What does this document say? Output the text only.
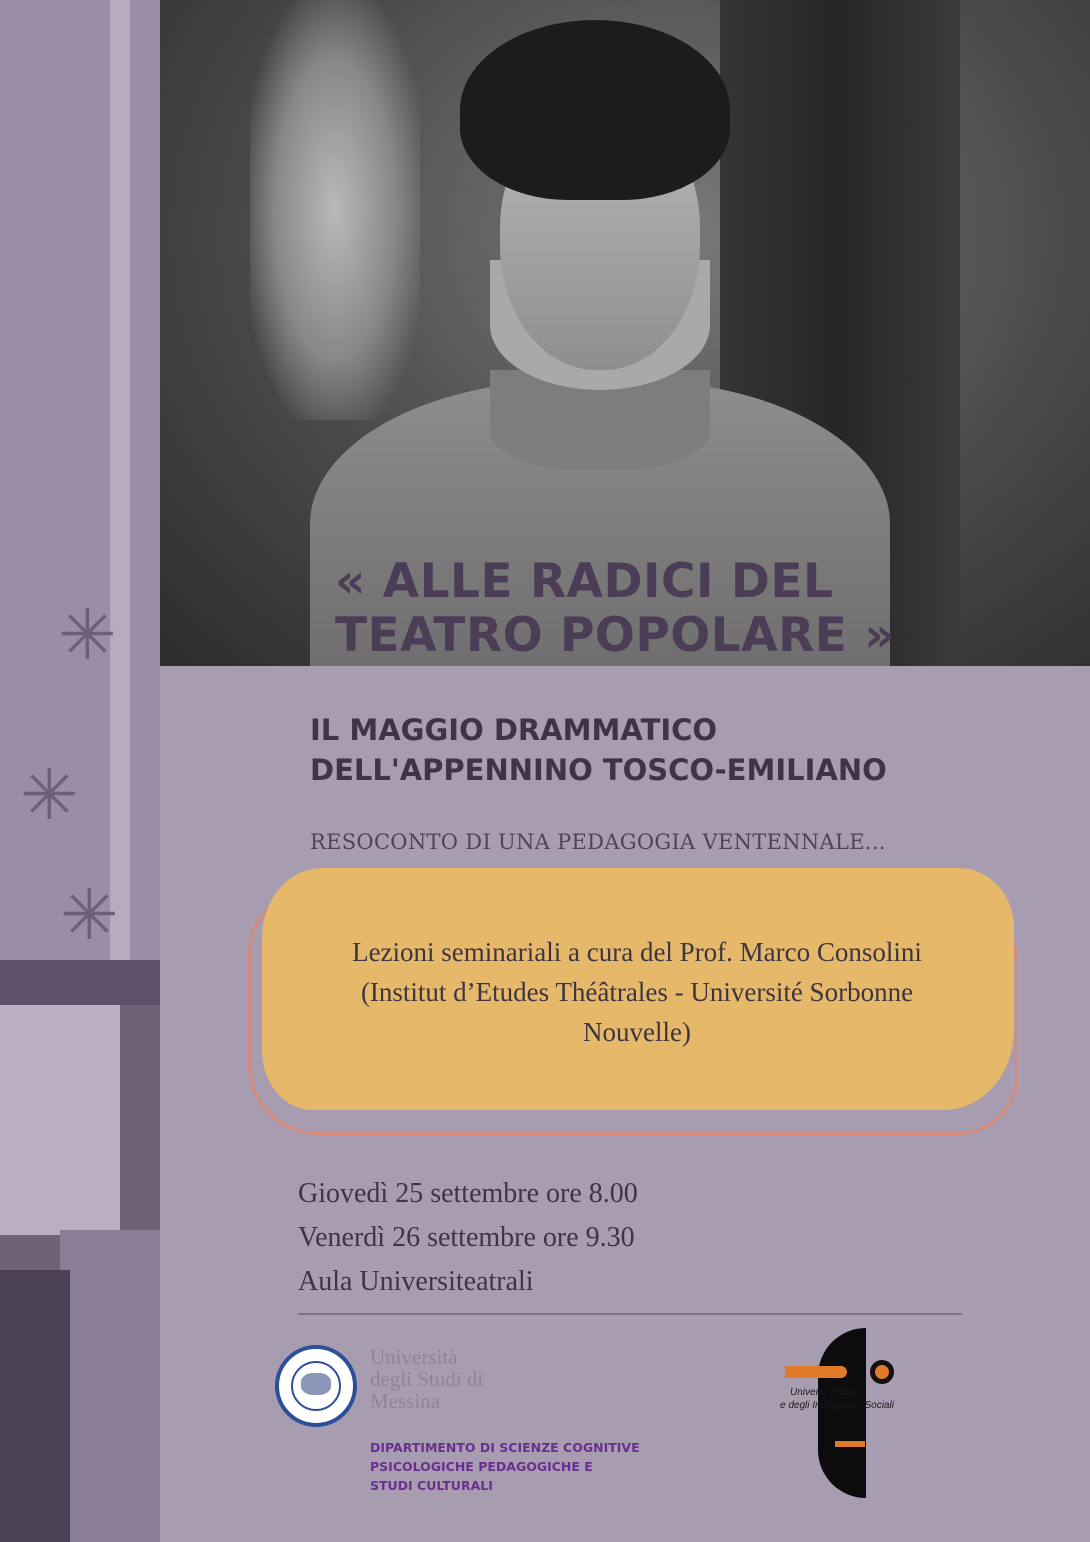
✳
✳
✳
« ALLE RADICI DEL
TEATRO POPOLARE »
IL MAGGIO DRAMMATICO
DELL'APPENNINO TOSCO-EMILIANO
RESOCONTO DI UNA PEDAGOGIA VENTENNALE...
Lezioni seminariali a cura del Prof. Marco Consolini
(Institut d’Etudes Théâtrales - Université Sorbonne
Nouvelle)
Giovedì 25 settembre ore 8.00
Venerdì 26 settembre ore 9.30
Aula Universiteatrali
Università
degli Studi di
Messina
DIPARTIMENTO DI SCIENZE COGNITIVE
PSICOLOGICHE PEDAGOGICHE E
STUDI CULTURALI
Universi Teatrali
e degli Immaginari Sociali
